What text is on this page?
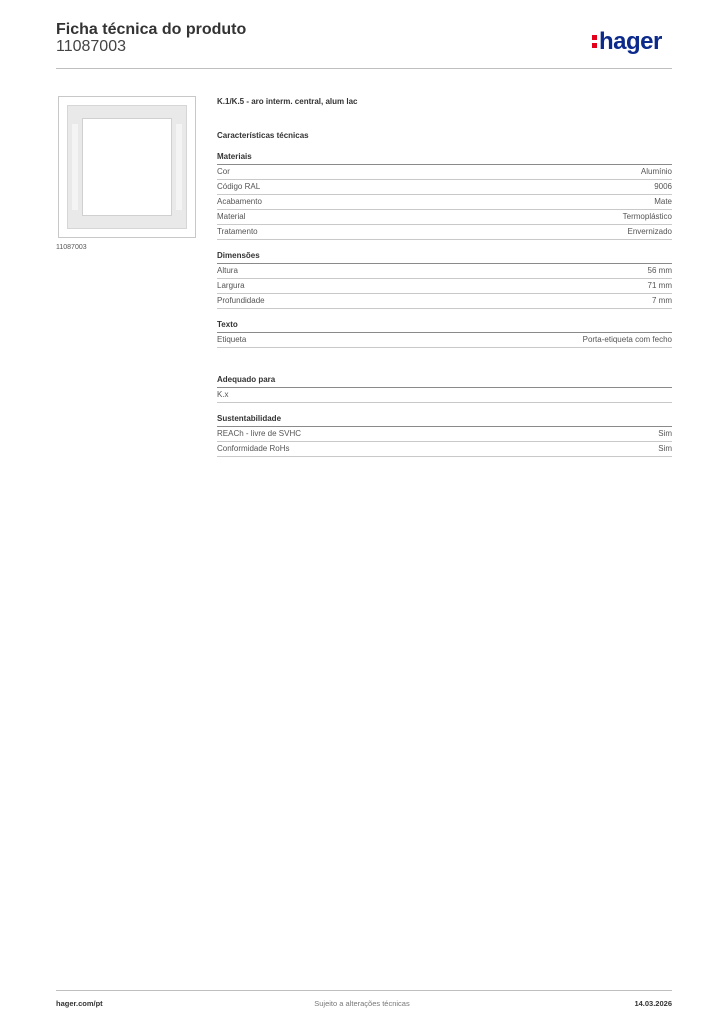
Ficha técnica do produto
11087003	hager
11087003
K.1/K.5 - aro interm. central, alum lac
Características técnicas
Materiais
Cor	Alumínio
Código RAL	9006
Acabamento	Mate
Material	Termoplástico
Tratamento	Envernizado
Dimensões
Altura	56 mm
Largura	71 mm
Profundidade	7 mm
Texto
Etiqueta	Porta-etiqueta com fecho
Adequado para
K.x
Sustentabilidade
REACh - livre de SVHC	Sim
Conformidade RoHs	Sim
hager.com/pt	Sujeito a alterações técnicas	14.03.2026
